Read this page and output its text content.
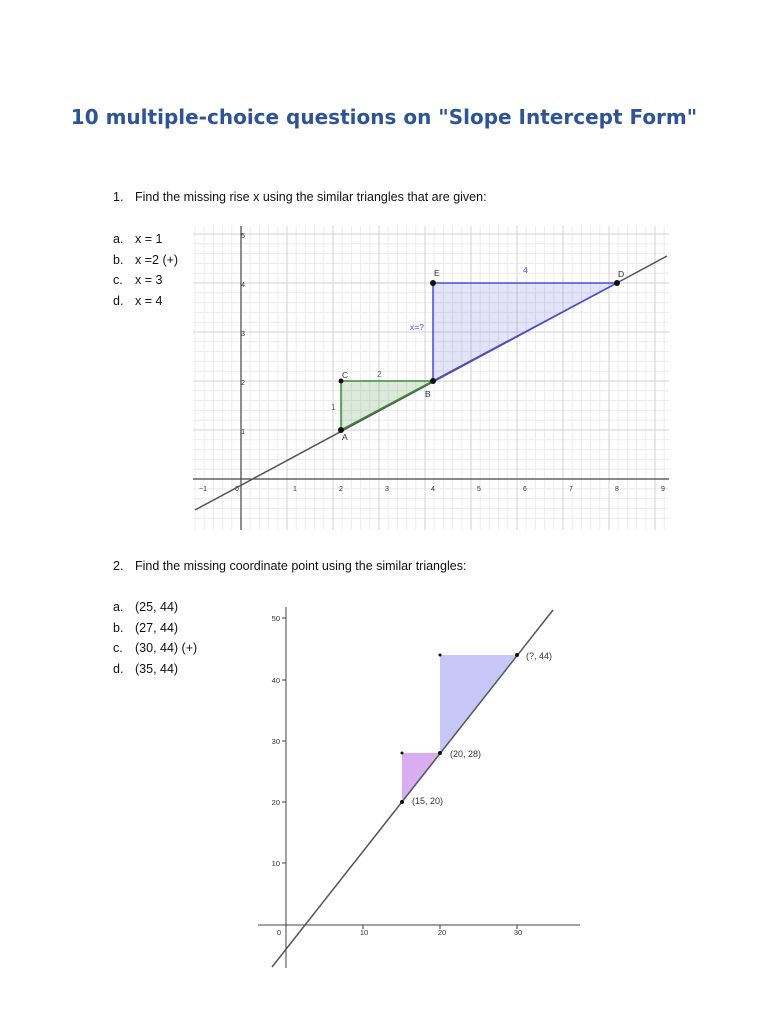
10 multiple-choice questions on "Slope Intercept Form"
1. Find the missing rise x using the similar triangles that are given:
a. x = 1
b. x =2 (+)
c. x = 3
d. x = 4
−1	0	1	2	3	4	5	6	7	8	9
1
2
3
4
5
A
B
C
D
E
2
1
4
x=?
2. Find the missing coordinate point using the similar triangles:
a. (25, 44)
b. (27, 44)
c. (30, 44) (+)
d. (35, 44)
50
40
30
20
10
0	10	20	30
(15, 20)
(20, 28)
(?, 44)
